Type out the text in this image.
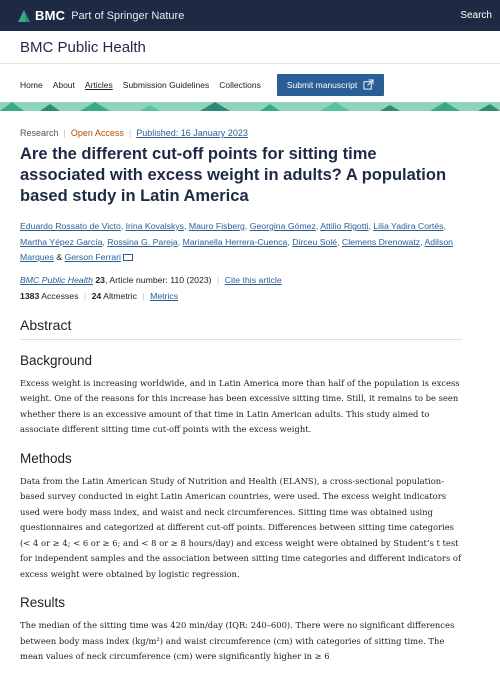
BMC Part of Springer Nature	Search
BMC Public Health
Home About Articles Submission Guidelines Collections	Submit manuscript
Research | Open Access | Published: 16 January 2023
Are the different cut-off points for sitting time associated with excess weight in adults? A population based study in Latin America
Eduardo Rossato de Victo, Irina Kovalskys, Mauro Fisberg, Georgina Gómez, Attilio Rigotti, Lilia Yadira Cortés, Martha Yépez García, Rossina G. Pareja, Marianella Herrera-Cuenca, Dirceu Solé, Clemens Drenowatz, Adilson Marques & Gerson Ferrari
BMC Public Health 23, Article number: 110 (2023) | Cite this article
1383 Accesses | 24 Altmetric | Metrics
Abstract
Background

Excess weight is increasing worldwide, and in Latin America more than half of the population is excess weight. One of the reasons for this increase has been excessive sitting time. Still, it remains to be seen whether there is an excessive amount of that time in Latin American adults. This study aimed to associate different sitting time cut-off points with the excess weight.

Methods

Data from the Latin American Study of Nutrition and Health (ELANS), a cross-sectional population-based survey conducted in eight Latin American countries, were used. The excess weight indicators used were body mass index, and waist and neck circumferences. Sitting time was obtained using questionnaires and categorized at different cut-off points. Differences between sitting time categories (< 4 or ≥ 4; < 6 or ≥ 6; and < 8 or ≥ 8 hours/day) and excess weight were obtained by Student’s t test for independent samples and the association between sitting time categories and different indicators of excess weight were obtained by logistic regression.

Results

The median of the sitting time was 420 min/day (IQR: 240–600). There were no significant differences between body mass index (kg/m²) and waist circumference (cm) with categories of sitting time. The mean values of neck circumference (cm) were significantly higher in ≥ 6
